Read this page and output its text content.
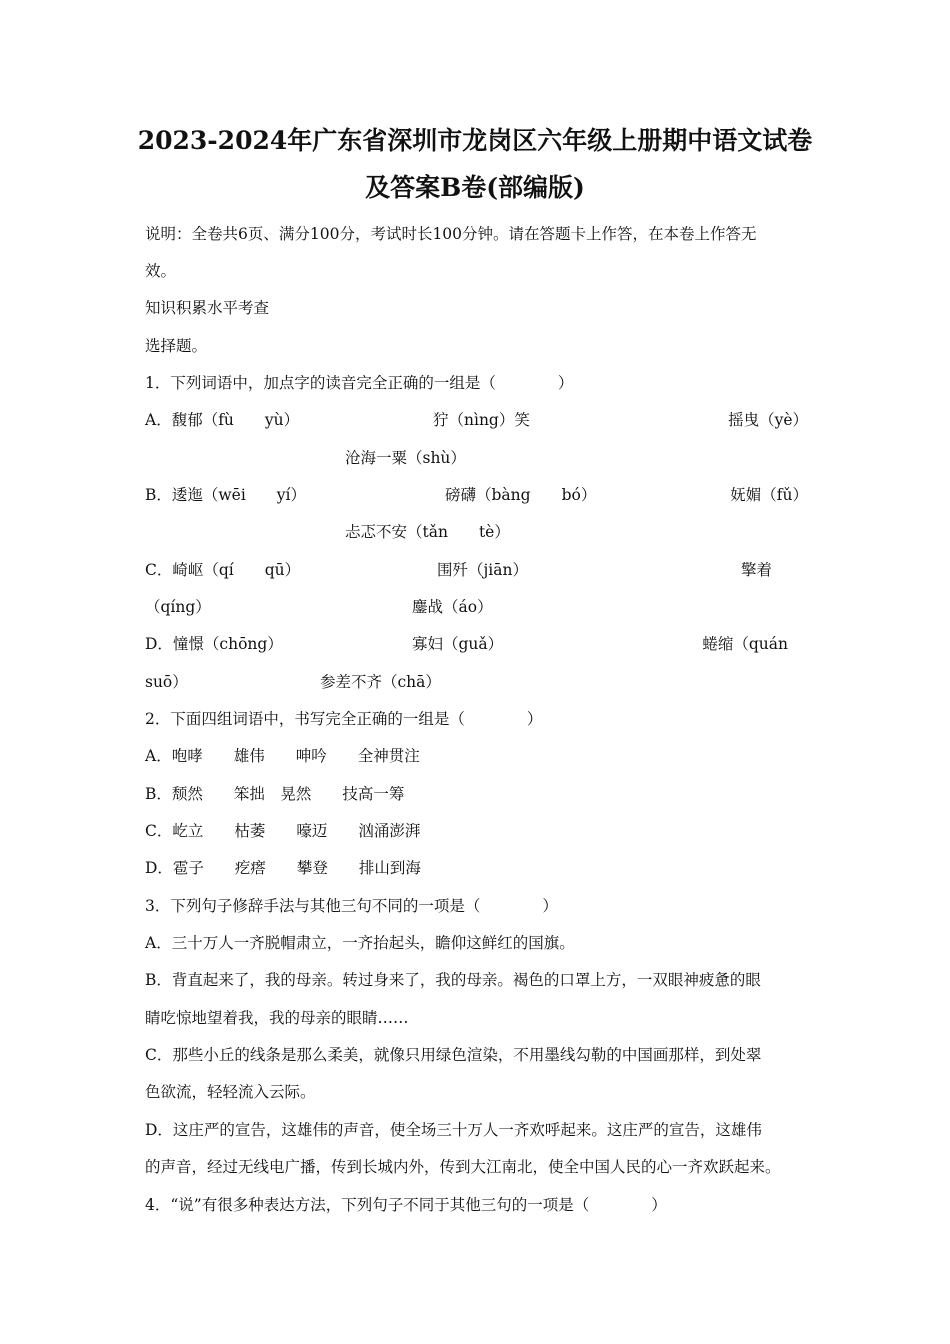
2023-2024年广东省深圳市龙岗区六年级上册期中语文试卷
及答案B卷(部编版)
说明：全卷共6页、满分100分，考试时长100分钟。请在答题卡上作答，在本卷上作答无
效。
知识积累水平考查
选择题。
1．下列词语中，加点字的读音完全正确的一组是（　　　　）
A．馥郁（fù　　yù）	狞（nìng）笑	摇曳（yè）
沧海一粟（shù）
B．逶迤（wēi　　yí）	磅礴（bàng　　bó）	妩媚（fǔ）
忐忑不安（tǎn　　tè）
C．崎岖（qí　　qū）	围歼（jiān）	擎着
（qíng）	鏖战（áo）
D．憧憬（chōng）	寡妇（guǎ）	蜷缩（quán
suō）	参差不齐（chā）
2．下面四组词语中，书写完全正确的一组是（　　　　）
A．咆哮　　雄伟　　呻吟　　全神贯注
B．颓然　　笨拙　晃然　　技高一筹
C．屹立　　枯萎　　嚎迈　　汹涌澎湃
D．雹子　　疙瘩　　攀登　　排山到海
3．下列句子修辞手法与其他三句不同的一项是（　　　　）
A．三十万人一齐脱帽肃立，一齐抬起头，瞻仰这鲜红的国旗。
B．背直起来了，我的母亲。转过身来了，我的母亲。褐色的口罩上方，一双眼神疲惫的眼
睛吃惊地望着我，我的母亲的眼睛……
C．那些小丘的线条是那么柔美，就像只用绿色渲染，不用墨线勾勒的中国画那样，到处翠
色欲流，轻轻流入云际。
D．这庄严的宣告，这雄伟的声音，使全场三十万人一齐欢呼起来。这庄严的宣告，这雄伟
的声音，经过无线电广播，传到长城内外，传到大江南北，使全中国人民的心一齐欢跃起来。
4．“说”有很多种表达方法，下列句子不同于其他三句的一项是（　　　　）
